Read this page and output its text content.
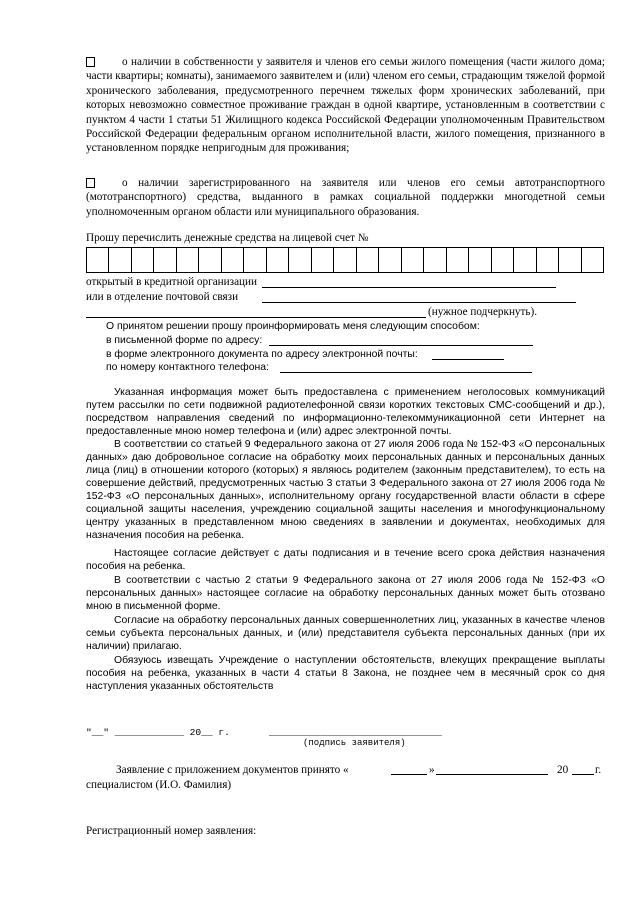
о наличии в собственности у заявителя и членов его семьи жилого помещения (части жилого дома; части квартиры; комнаты), занимаемого заявителем и (или) членом его семьи, страдающим тяжелой формой хронического заболевания, предусмотренного перечнем тяжелых форм хронических заболеваний, при которых невозможно совместное проживание граждан в одной квартире, установленным в соответствии с пунктом 4 части 1 статьи 51 Жилищного кодекса Российской Федерации уполномоченным Правительством Российской Федерации федеральным органом исполнительной власти, жилого помещения, признанного в установленном порядке непригодным для проживания;
о наличии зарегистрированного на заявителя или членов его семьи автотранспортного (мототранспортного) средства, выданного в рамках социальной поддержки многодетной семьи уполномоченным органом области или муниципального образования.
Прошу перечислить денежные средства на лицевой счет №
открытый в кредитной организации
или в отделение почтовой связи
(нужное подчеркнуть).
О принятом решении прошу проинформировать меня следующим способом:
в письменной форме по адресу:
в форме электронного документа по адресу электронной почты:
по номеру контактного телефона:
Указанная информация может быть предоставлена с применением неголосовых коммуникаций путем рассылки по сети подвижной радиотелефонной связи коротких текстовых СМС-сообщений и др.), посредством направления сведений по информационно-телекоммуникационной сети Интернет на предоставленные мною номер телефона и (или) адрес электронной почты.
В соответствии со статьей 9 Федерального закона от 27 июля 2006 года № 152-ФЗ «О персональных данных» даю добровольное согласие на обработку моих персональных данных и персональных данных лица (лиц) в отношении которого (которых) я являюсь родителем (законным представителем), то есть на совершение действий, предусмотренных частью 3 статьи 3 Федерального закона от 27 июля 2006 года № 152-ФЗ «О персональных данных», исполнительному органу государственной власти области в сфере социальной защиты населения, учреждению социальной защиты населения и многофункциональному центру указанных в представленном мною сведениях в заявлении и документах, необходимых для назначения пособия на ребенка.
Настоящее согласие действует с даты подписания и в течение всего срока действия назначения пособия на ребенка.
В соответствии с частью 2 статьи 9 Федерального закона от 27 июля 2006 года № 152-ФЗ «О персональных данных» настоящее согласие на обработку персональных данных может быть отозвано мною в письменной форме.
Согласие на обработку персональных данных совершеннолетних лиц, указанных в качестве членов семьи субъекта персональных данных, и (или) представителя субъекта персональных данных (при их наличии) прилагаю.
Обязуюсь извещать Учреждение о наступлении обстоятельств, влекущих прекращение выплаты пособия на ребенка, указанных в части 4 статьи 8 Закона, не позднее чем в месячный срок со дня наступления указанных обстоятельств
"__" ____________ 20__ г.	______________________________
(подпись заявителя)
Заявление с приложением документов принято «	»	20 г.
специалистом (И.О. Фамилия)
Регистрационный номер заявления:
